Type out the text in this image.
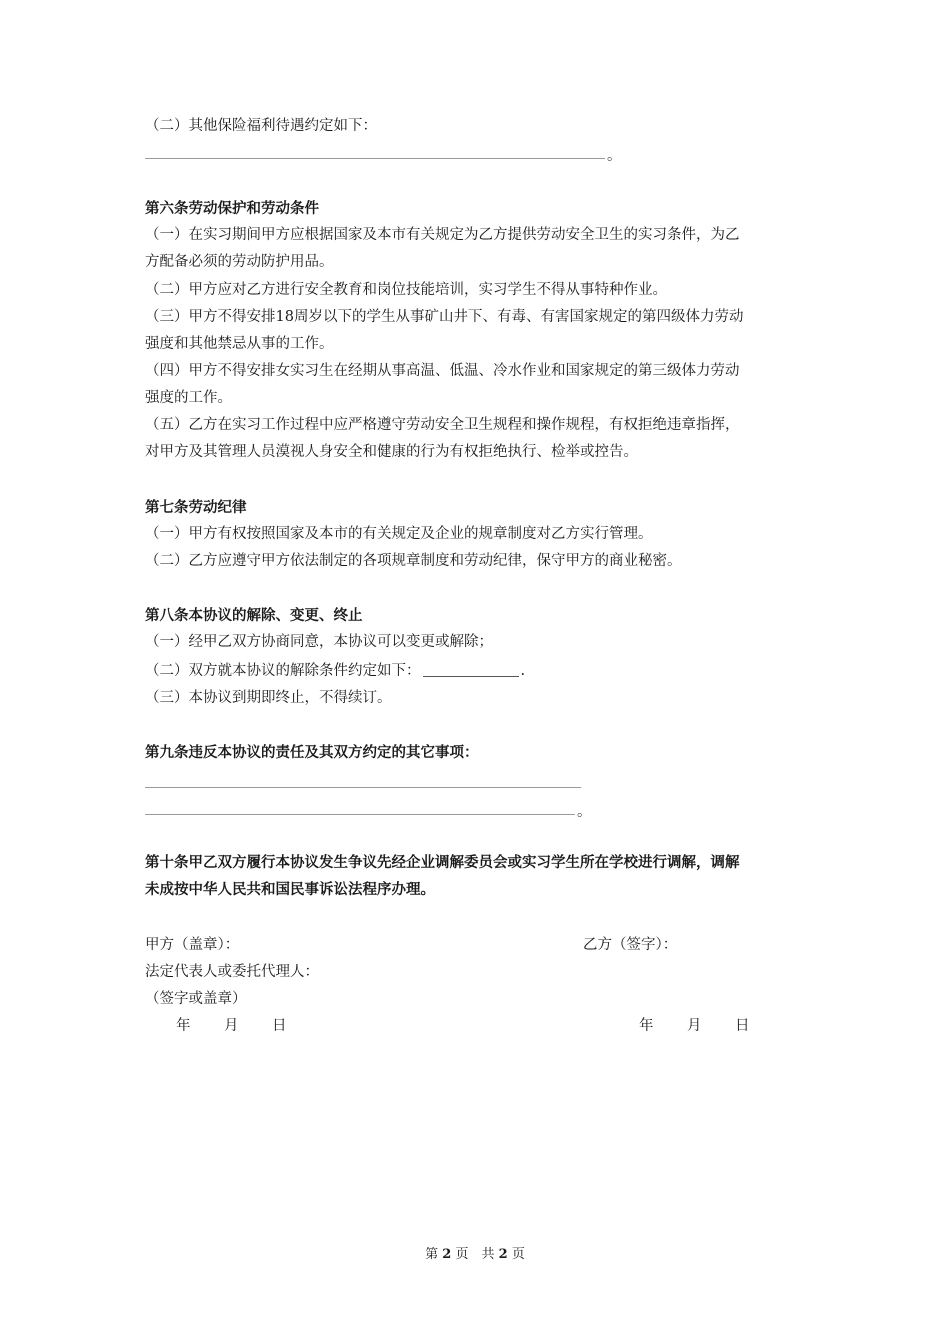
（二）其他保险福利待遇约定如下：
。
第六条劳动保护和劳动条件
（一）在实习期间甲方应根据国家及本市有关规定为乙方提供劳动安全卫生的实习条件，为乙
方配备必须的劳动防护用品。
（二）甲方应对乙方进行安全教育和岗位技能培训，实习学生不得从事特种作业。
（三）甲方不得安排18周岁以下的学生从事矿山井下、有毒、有害国家规定的第四级体力劳动
强度和其他禁忌从事的工作。
（四）甲方不得安排女实习生在经期从事高温、低温、冷水作业和国家规定的第三级体力劳动
强度的工作。
（五）乙方在实习工作过程中应严格遵守劳动安全卫生规程和操作规程，有权拒绝违章指挥，
对甲方及其管理人员漠视人身安全和健康的行为有权拒绝执行、检举或控告。
第七条劳动纪律
（一）甲方有权按照国家及本市的有关规定及企业的规章制度对乙方实行管理。
（二）乙方应遵守甲方依法制定的各项规章制度和劳动纪律，保守甲方的商业秘密。
第八条本协议的解除、变更、终止
（一）经甲乙双方协商同意，本协议可以变更或解除；
（二）双方就本协议的解除条件约定如下：	.
（三）本协议到期即终止，不得续订。
第九条违反本协议的责任及其双方约定的其它事项：
。
第十条甲乙双方履行本协议发生争议先经企业调解委员会或实习学生所在学校进行调解，调解
未成按中华人民共和国民事诉讼法程序办理。
甲方（盖章）：	乙方（签字）：
法定代表人或委托代理人：
（签字或盖章）
年 月 日	年 月 日
第 2 页　共 2 页
